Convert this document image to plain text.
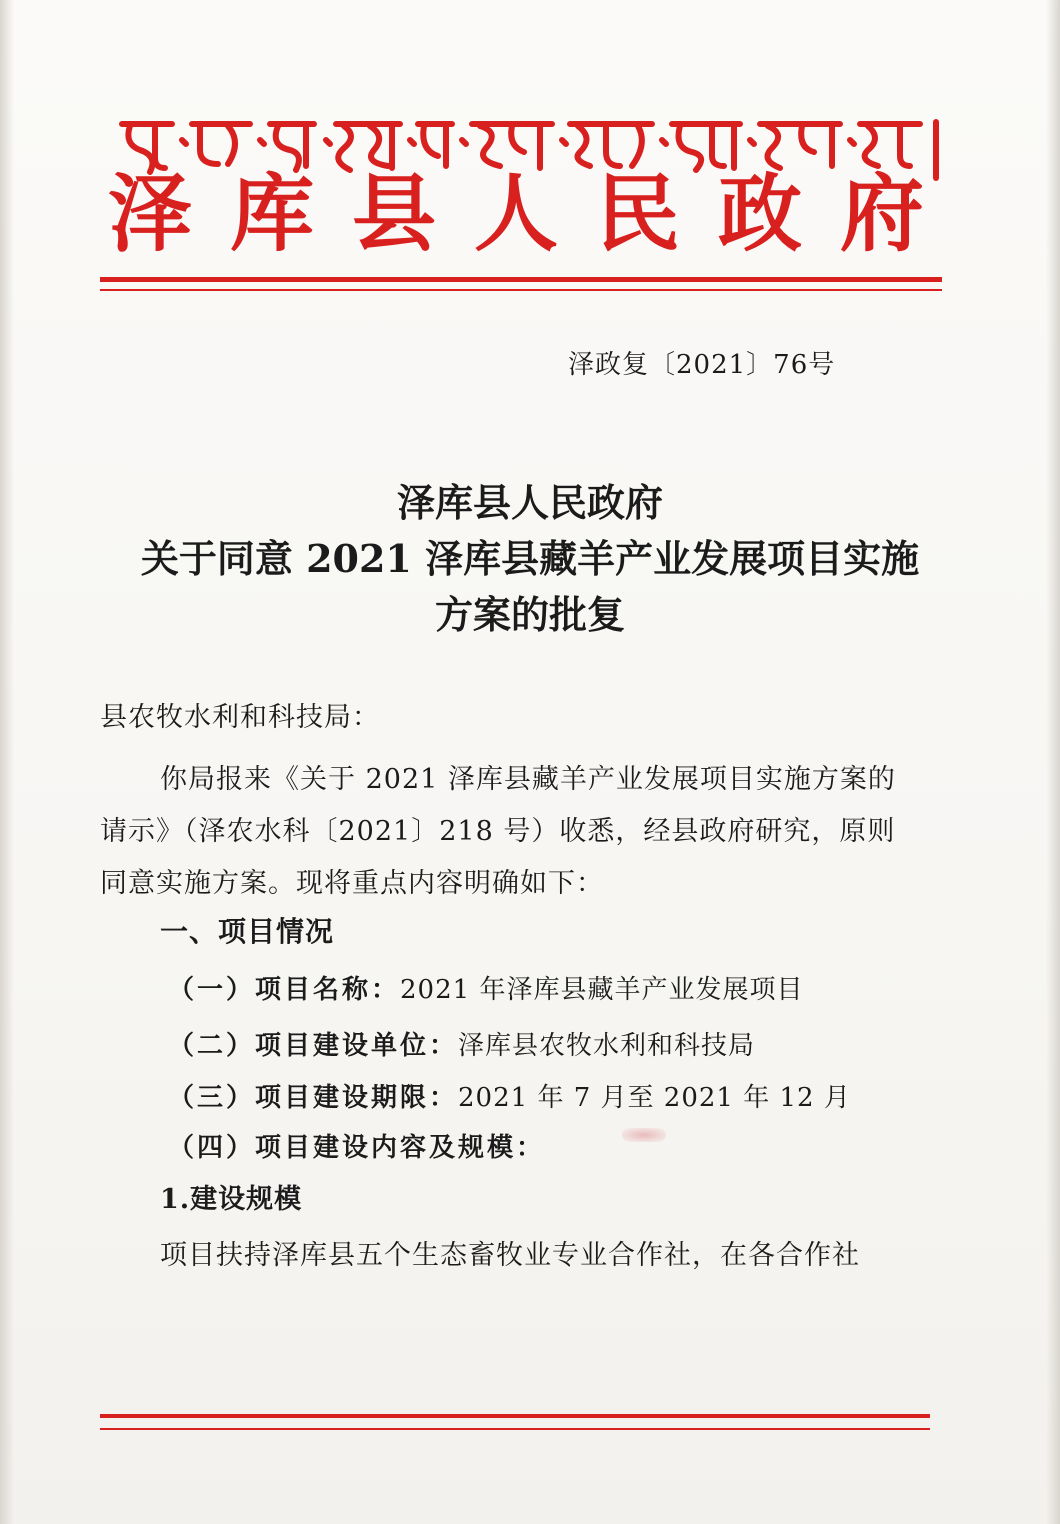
泽库县人民政府
泽政复〔2021〕76号
泽库县人民政府
关于同意 2021 泽库县藏羊产业发展项目实施
方案的批复
县农牧水利和科技局：
你局报来《关于 2021 泽库县藏羊产业发展项目实施方案的
请示》（泽农水科〔2021〕218 号）收悉，经县政府研究，原则
同意实施方案。现将重点内容明确如下：
一、项目情况
（一）项目名称：2021 年泽库县藏羊产业发展项目
（二）项目建设单位：泽库县农牧水利和科技局
（三）项目建设期限：2021 年 7 月至 2021 年 12 月
（四）项目建设内容及规模：
1.建设规模
项目扶持泽库县五个生态畜牧业专业合作社，在各合作社
